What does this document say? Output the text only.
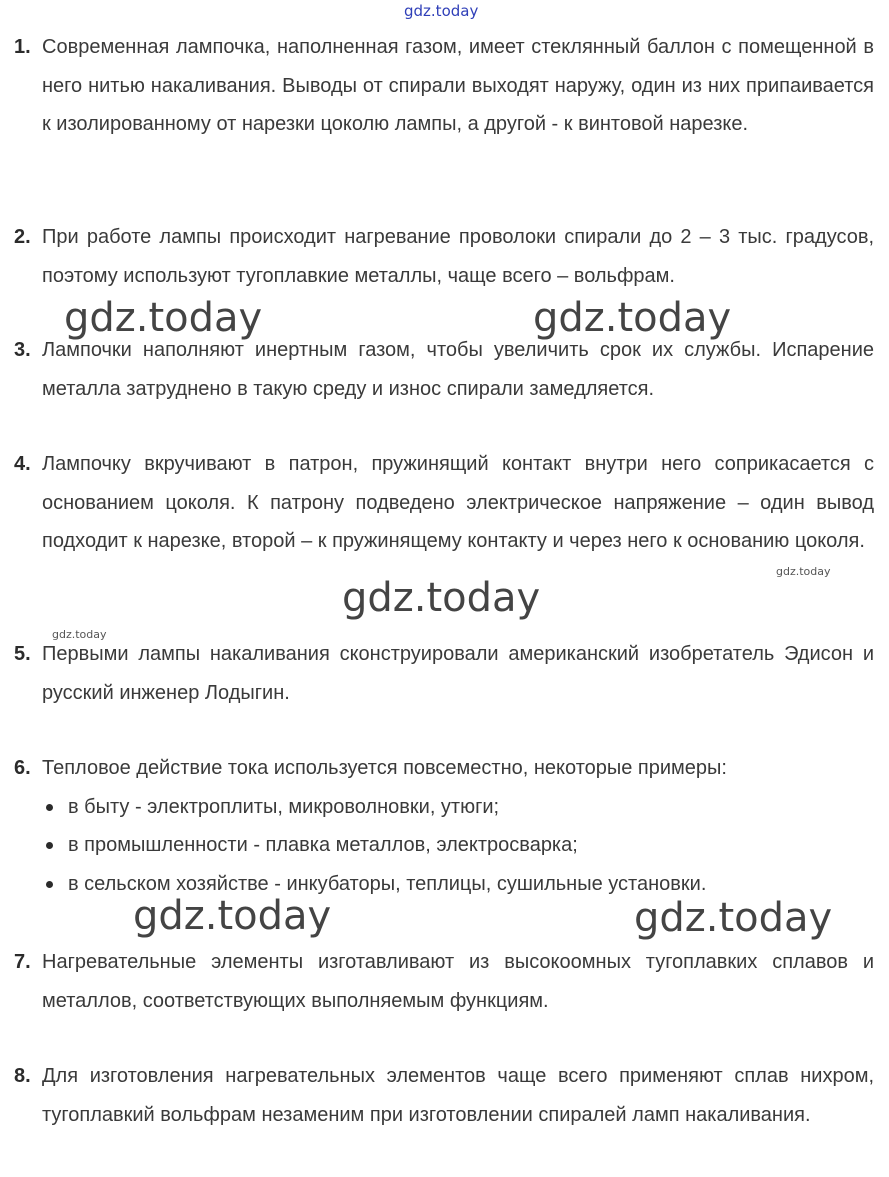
gdz.today
1. Современная лампочка, наполненная газом, имеет стеклянный баллон с помещенной в него нитью накаливания. Выводы от спирали выходят наружу, один из них припаивается к изолированному от нарезки цоколю лампы, а другой - к винтовой нарезке.
2. При работе лампы происходит нагревание проволоки спирали до 2 – 3 тыс. градусов, поэтому используют тугоплавкие металлы, чаще всего – вольфрам.
3. Лампочки наполняют инертным газом, чтобы увеличить срок их службы. Испарение металла затруднено в такую среду и износ спирали замедляется.
4. Лампочку вкручивают в патрон, пружинящий контакт внутри него соприкасается с основанием цоколя. К патрону подведено электрическое напряжение – один вывод подходит к нарезке, второй – к пружинящему контакту и через него к основанию цоколя.
5. Первыми лампы накаливания сконструировали американский изобретатель Эдисон и русский инженер Лодыгин.
6. Тепловое действие тока используется повсеместно, некоторые примеры:
в быту - электроплиты, микроволновки, утюги;
в промышленности - плавка металлов, электросварка;
в сельском хозяйстве - инкубаторы, теплицы, сушильные установки.
7. Нагревательные элементы изготавливают из высокоомных тугоплавких сплавов и металлов, соответствующих выполняемым функциям.
8. Для изготовления нагревательных элементов чаще всего применяют сплав нихром, тугоплавкий вольфрам незаменим при изготовлении спиралей ламп накаливания.
gdz.today	gdz.today
gdz.today
gdz.today	gdz.today
gdz.today
gdz.today
